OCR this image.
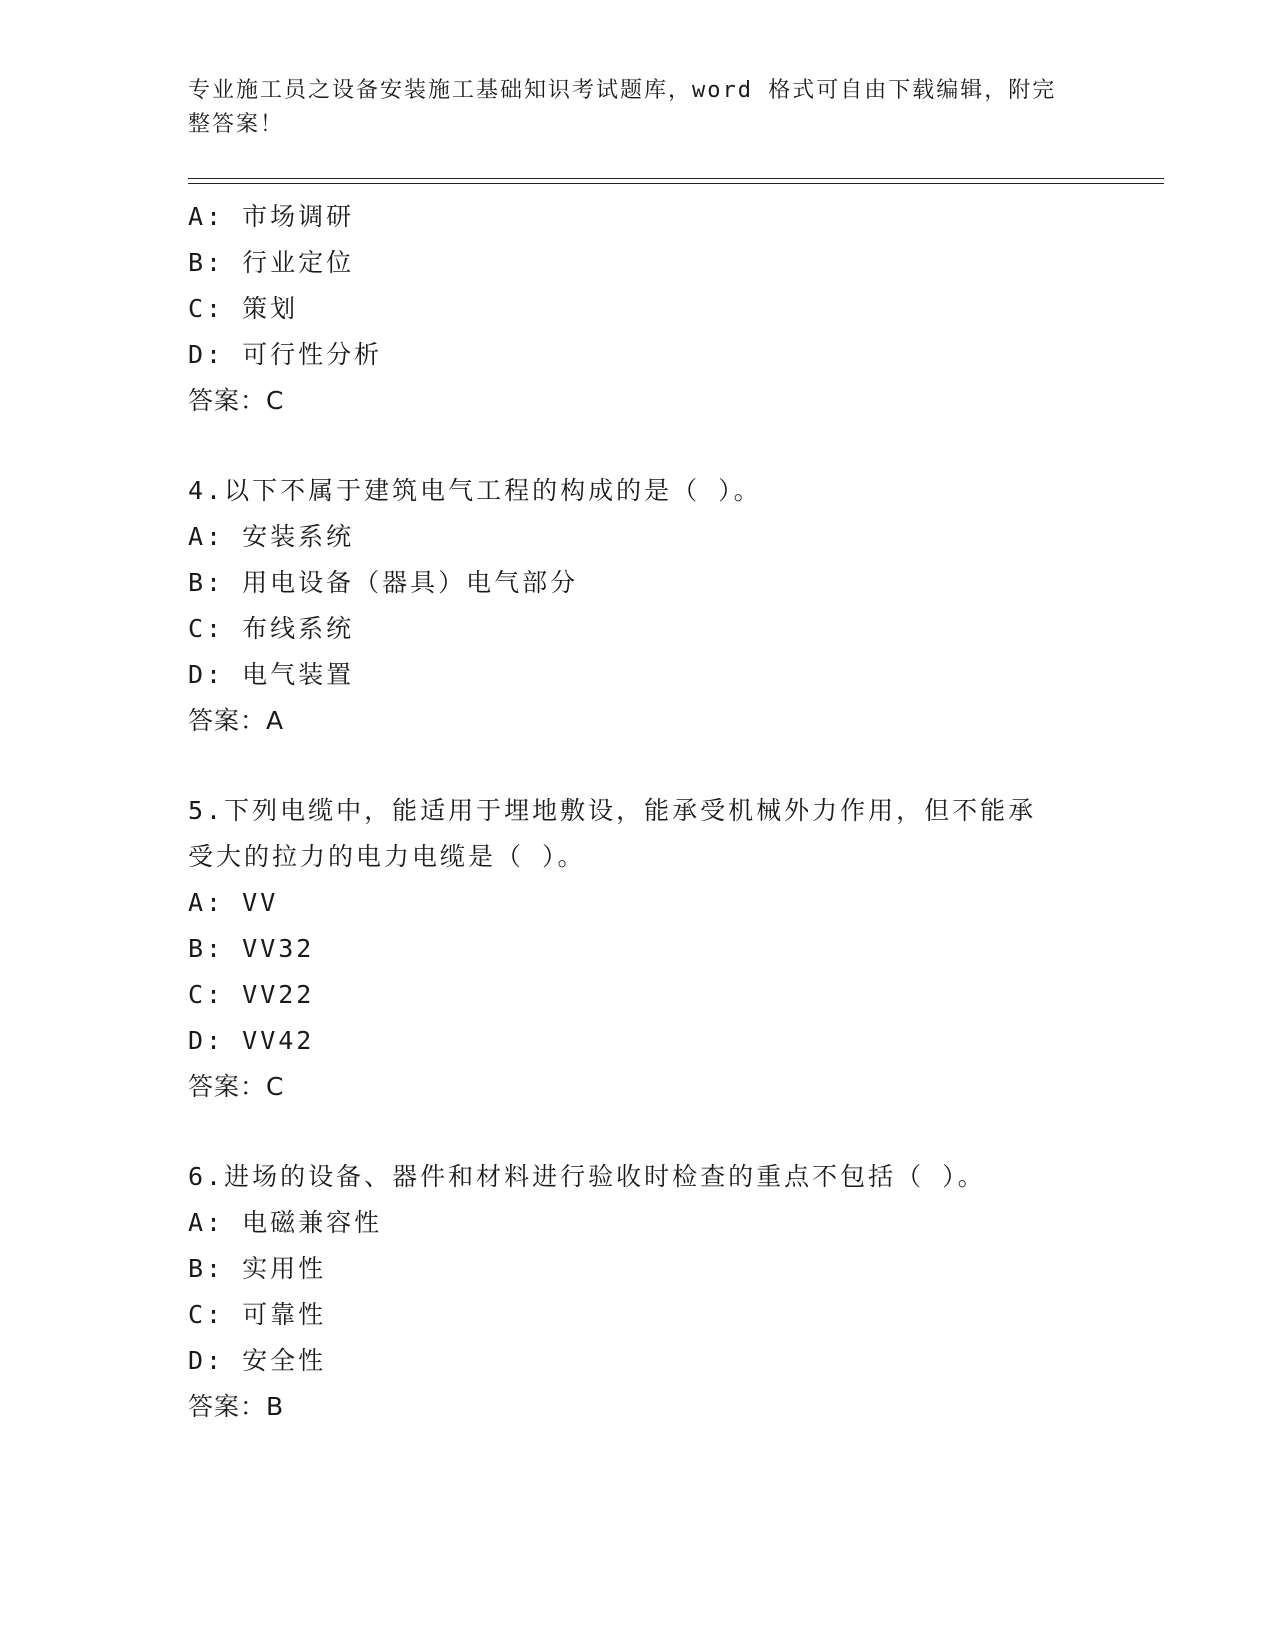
专业施工员之设备安装施工基础知识考试题库，word 格式可自由下载编辑，附完
整答案！
A: 市场调研
B: 行业定位
C: 策划
D: 可行性分析
答案：C
4.以下不属于建筑电气工程的构成的是（ ）。
A: 安装系统
B: 用电设备（器具）电气部分
C: 布线系统
D: 电气装置
答案：A
5.下列电缆中，能适用于埋地敷设，能承受机械外力作用，但不能承
受大的拉力的电力电缆是（ ）。
A: VV
B: VV32
C: VV22
D: VV42
答案：C
6.进场的设备、器件和材料进行验收时检查的重点不包括（ ）。
A: 电磁兼容性
B: 实用性
C: 可靠性
D: 安全性
答案：B
